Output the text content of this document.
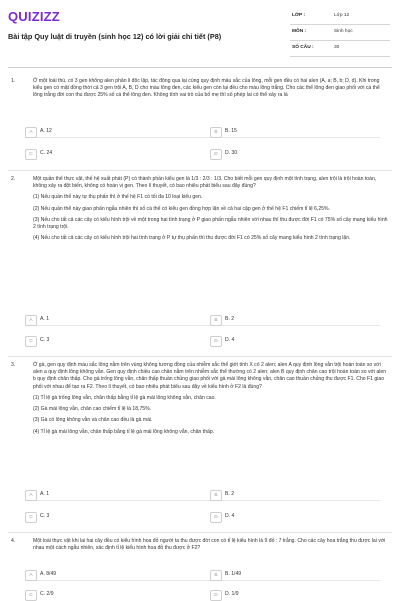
QUIZIZZ
Bài tập Quy luật di truyền (sinh học 12) có lời giải chi tiết (P8)
LỚP :	Lớp 12
MÔN :	Sinh học
SỐ CÂU :	30
1.	Ở một loài thú, có 3 gen không alen phân li độc lập, tác động qua lại cùng quy định màu sắc của lông, mỗi gen đều có hai alen (A, a; B, b; D, d). Khi trong kiểu gen có mặt đồng thời cả 3 gen trội A, B, D cho màu lông đen, các kiểu gen còn lại đều cho màu lông trắng. Cho các thể lông đen giao phối với cá thể lông trắng đời con thu được 25% số cá thể lông đen. Không tính vai trò của bố mẹ thì số phép lai có thể xảy ra là

A	A. 12	B	B. 15
C	C. 24	D	D. 30
2.	Một quần thể thực vật, thế hệ xuất phát (P) có thành phần kiểu gen là 1/3 : 2/3 : 1/3. Cho biết mỗi gen quy định một tính trạng, alen trội là trội hoàn toàn, không xảy ra đột biến, không có hoán vị gen. Theo lí thuyết, có bao nhiêu phát biểu sau đây đúng?

(1) Nếu quần thể này tự thụ phấn thì ở thế hệ F1 có tối đa 10 loại kiểu gen.

(2) Nếu quần thể này giao phấn ngẫu nhiên thì số cá thể có kiểu gen đồng hợp lặn về cả hai cặp gen ở thế hệ F1 chiếm tỉ lệ 6,25%.

(3) Nếu cho tất cả các cây có kiểu hình trội về một trong hai tính trạng ở P giao phấn ngẫu nhiên với nhau thì thu được đời F1 có 75% số cây mang kiểu hình 2 tính trạng trội.

(4) Nếu cho tất cả các cây có kiểu hình trội hai tính trạng ở P tự thụ phấn thì thu được đời F1 có 25% số cây mang kiểu hình 2 tính trạng lặn.

A	A. 1	B	B. 2
C	C. 3	D	D. 4
3.	Ở gà, gen quy định màu sắc lông nằm trên vùng không tương đồng của nhiễm sắc thể giới tính X có 2 alen; alen A quy định lông vằn trội hoàn toàn so với alen a quy định lông không vằn. Gen quy định chiều cao chân nằm trên nhiễm sắc thể thường có 2 alen; alen B quy định chân cao trội hoàn toàn so với alen b quy định chân thấp. Cho gà trống lông vằn, chân thấp thuần chủng giao phối với gà mái lông không vằn, chân cao thuần chủng thu được F1. Cho F1 giao phối với nhau để tạo ra F2. Theo lí thuyết, có bao nhiêu phát biểu sau đây về kiểu hình ở F2 là đúng?

(1) Tỉ lệ gà trống lông vằn, chân thấp bằng tỉ lệ gà mái lông không vằn, chân cao.

(2) Gà mái lông vằn, chân cao chiếm tỉ lệ là 18,75%.

(3) Gà có lông không vằn và chân cao đều là gà mái.

(4) Tỉ lệ gà mái lông vằn, chân thấp bằng tỉ lệ gà mái lông không vằn, chân thấp.

A	A. 1	B	B. 2
C	C. 3	D	D. 4
4.	Một loài thực vật khi lai hai cây đều có kiểu hình hoa đỏ người ta thu được đời con có tỉ lệ kiểu hình là 9 đỏ : 7 trắng. Cho các cây hoa trắng thu được lai với nhau một cách ngẫu nhiên, xác định tỉ lệ kiểu hình hoa đỏ thu được ở F2?

A	A. 8/49	B	B. 1/49
C	C. 2/9	D	D. 1/9
